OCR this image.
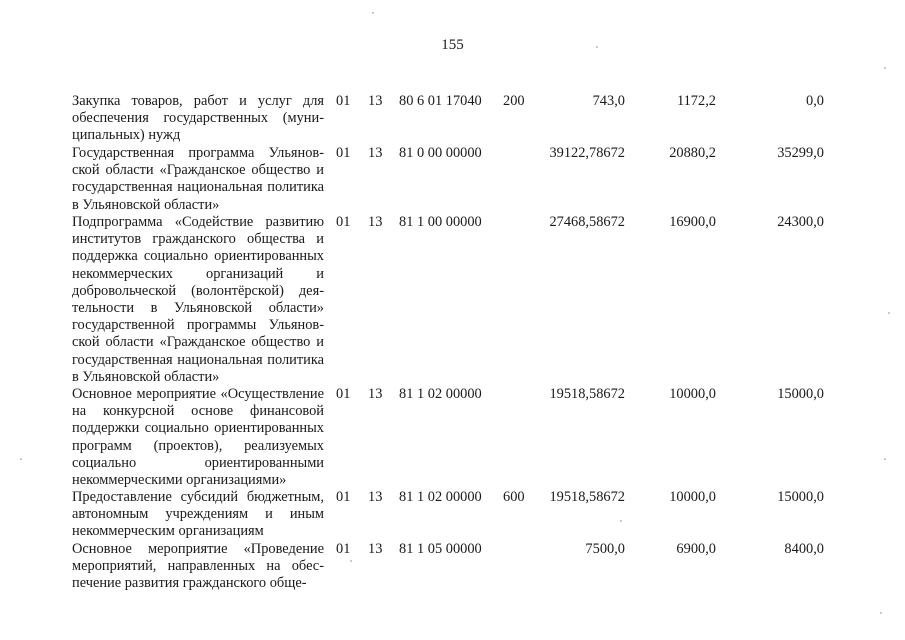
155
Закупка товаров, работ и услуг для обеспечения государственных (муниципальных) нужд
01 13 80 6 01 17040 200	743,0	1172,2	0,0
Государственная программа Ульяновской области «Гражданское общество и государственная национальная политика в Ульяновской области»
01 13 81 0 00 00000	39122,78672	20880,2	35299,0
Подпрограмма «Содействие развитию институтов гражданского общества и поддержка социально ориентированных некоммерческих организаций и добровольческой (волонтёрской) деятельности в Ульяновской области» государственной программы Ульяновской области «Гражданское общество и государственная национальная политика в Ульяновской области»
01 13 81 1 00 00000	27468,58672	16900,0	24300,0
Основное мероприятие «Осуществление на конкурсной основе финансовой поддержки социально ориентированных программ (проектов), реализуемых социально ориентированными некоммерческими организациями»
01 13 81 1 02 00000	19518,58672	10000,0	15000,0
Предоставление субсидий бюджетным, автономным учреждениям и иным некоммерческим организациям
01 13 81 1 02 00000 600	19518,58672	10000,0	15000,0
Основное мероприятие «Проведение мероприятий, направленных на обеспечение развития гражданского обще-
01 13 81 1 05 00000	7500,0	6900,0	8400,0
